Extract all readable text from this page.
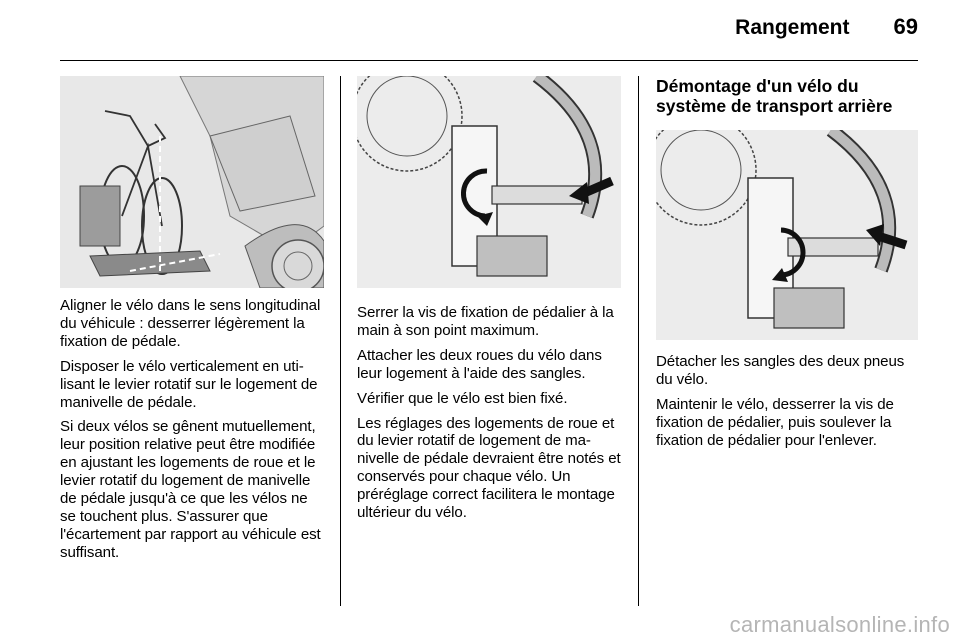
Rangement 69

Aligner le vélo dans le sens longitudinal du véhicule : desserrer légèrement la fixation de pédale.

Disposer le vélo verticalement en utilisant le levier rotatif sur le logement de manivelle de pédale.

Si deux vélos se gênent mutuellement, leur position relative peut être modifiée en ajustant les logements de roue et le levier rotatif du logement de manivelle de pédale jusqu'à ce que les vélos ne se touchent plus. S'assurer que l'écartement par rapport au véhicule est suffisant.

Serrer la vis de fixation de pédalier à la main à son point maximum.

Attacher les deux roues du vélo dans leur logement à l'aide des sangles.

Vérifier que le vélo est bien fixé.

Les réglages des logements de roue et du levier rotatif de logement de manivelle de pédale devraient être notés et conservés pour chaque vélo. Un préréglage correct facilitera le montage ultérieur du vélo.

Démontage d'un vélo du système de transport arrière

Détacher les sangles des deux pneus du vélo.

Maintenir le vélo, desserrer la vis de fixation de pédalier, puis soulever la fixation de pédalier pour l'enlever.

carmanualsonline.info
